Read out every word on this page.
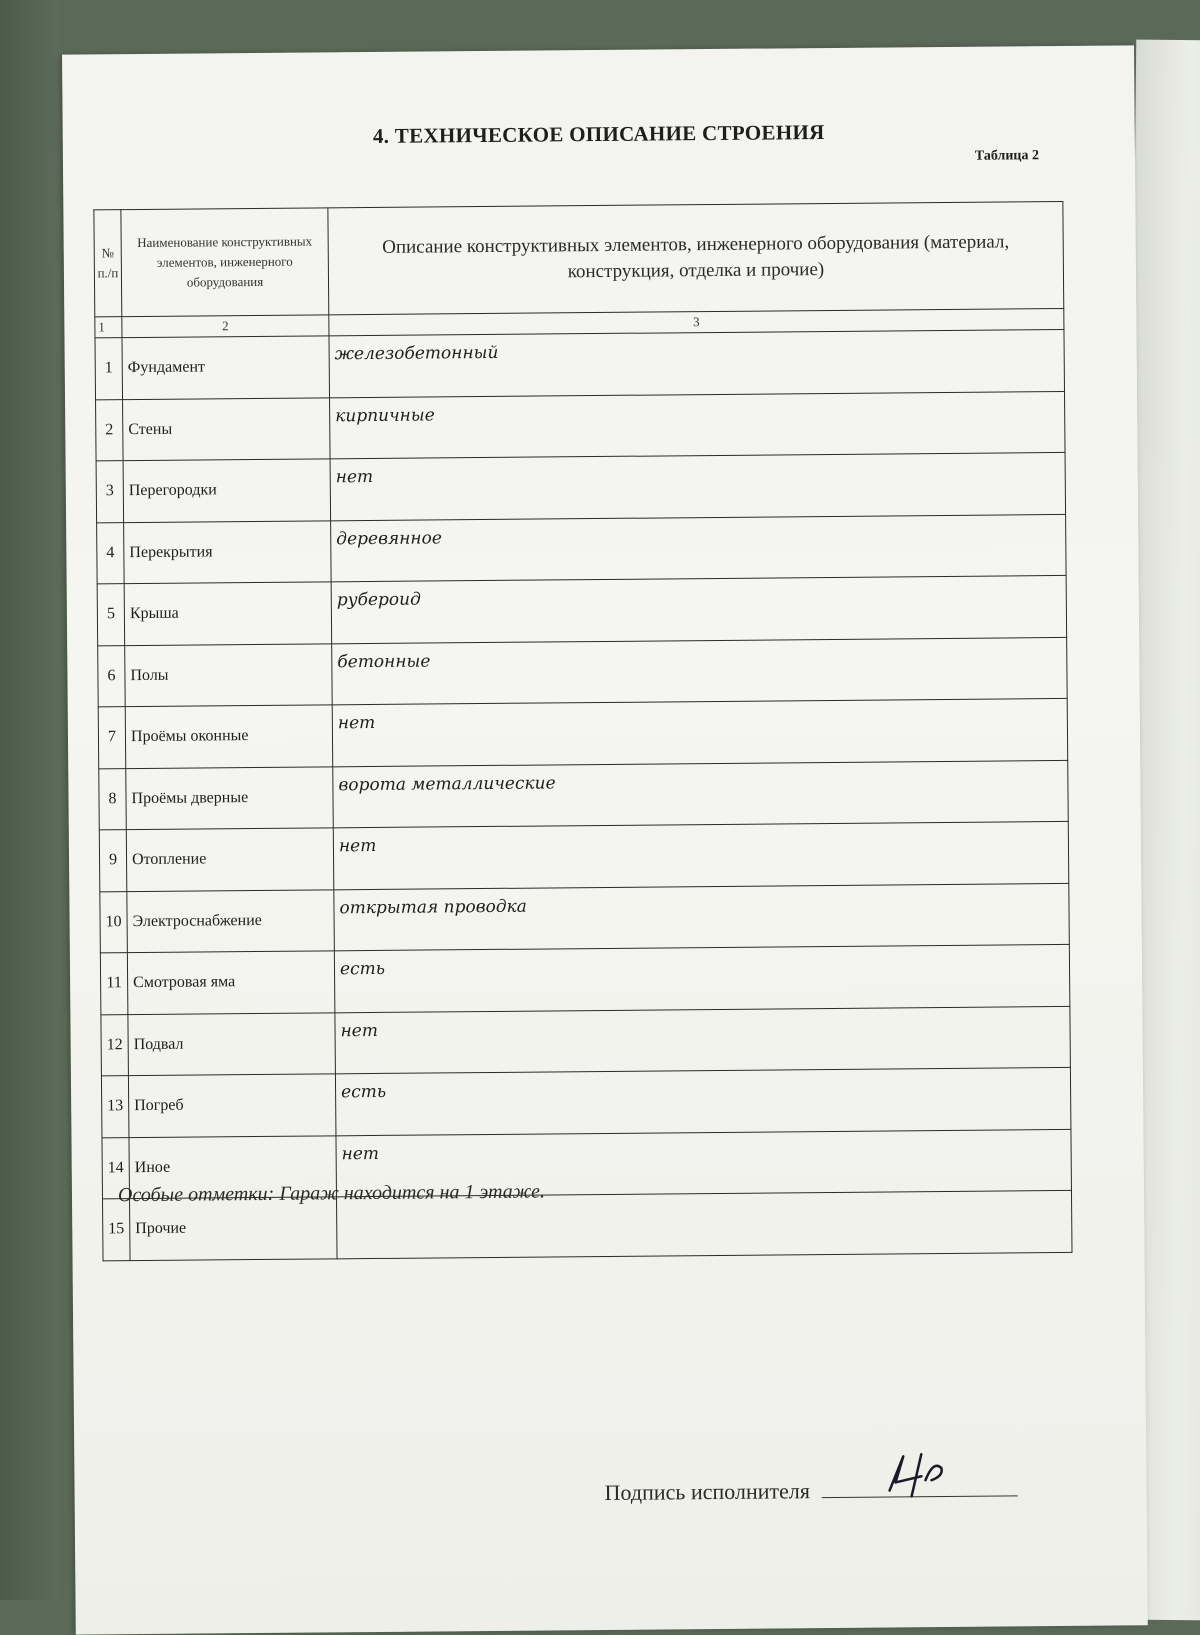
4. ТЕХНИЧЕСКОЕ ОПИСАНИЕ СТРОЕНИЯ
Таблица 2
№ п./п	Наименование конструктивных элементов, инженерного оборудования	Описание конструктивных элементов, инженерного оборудования (материал, конструкция, отделка и прочие)
1	2	3
1	Фундамент	железобетонный
2	Стены	кирпичные
3	Перегородки	нет
4	Перекрытия	деревянное
5	Крыша	рубероид
6	Полы	бетонные
7	Проёмы оконные	нет
8	Проёмы дверные	ворота металлические
9	Отопление	нет
10	Электроснабжение	открытая проводка
11	Смотровая яма	есть
12	Подвал	нет
13	Погреб	есть
14	Иное	нет
15	Прочие	
Особые отметки: Гараж находится на 1 этаже.
Подпись исполнителя
